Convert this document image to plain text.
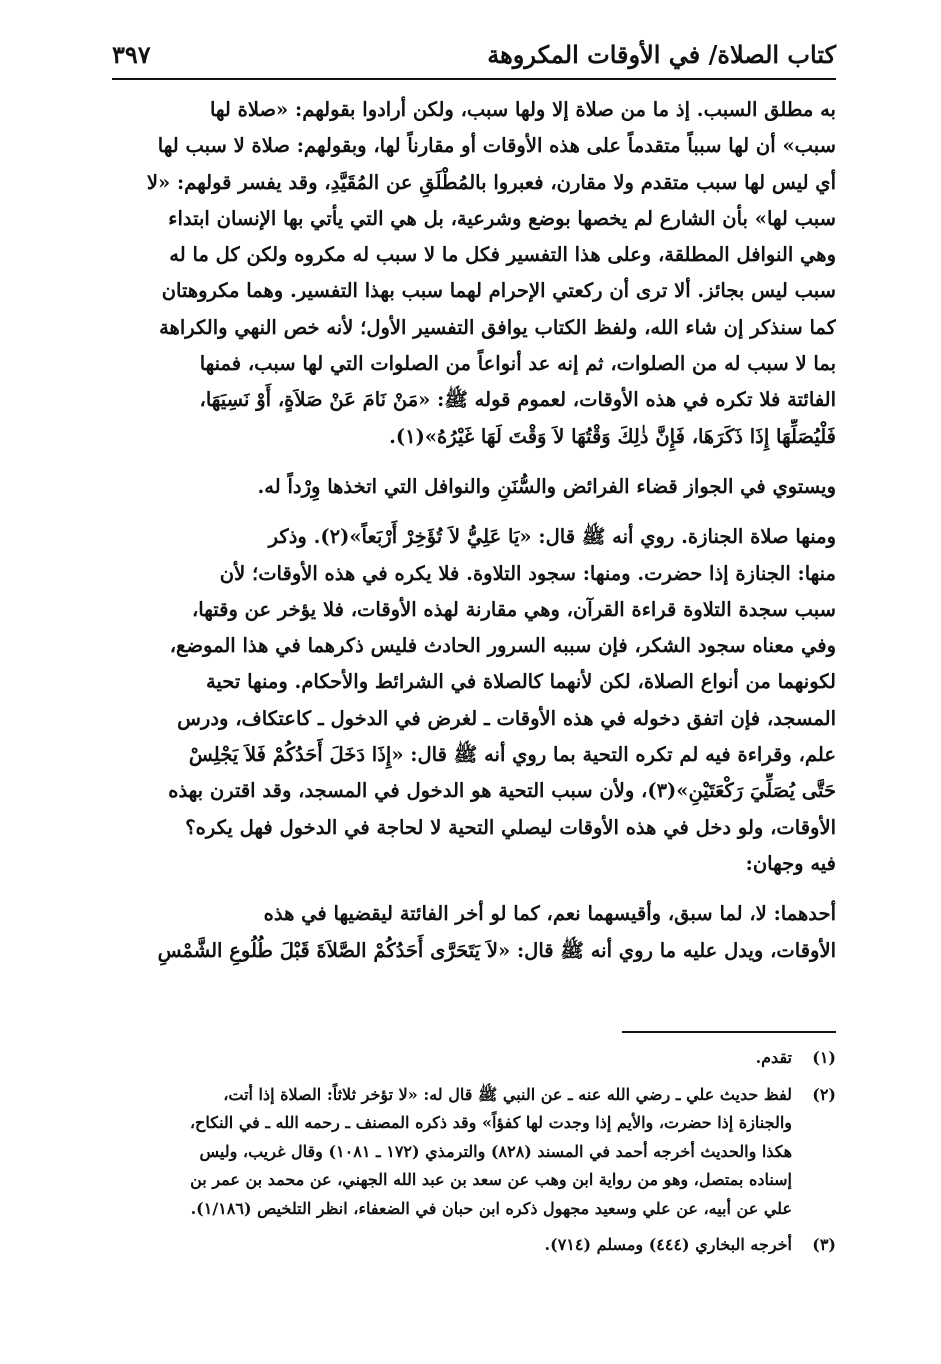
كتاب الصلاة/ في الأوقات المكروهة
٣٩٧
به مطلق السبب. إذ ما من صلاة إلا ولها سبب، ولكن أرادوا بقولهم: «صلاة لها
سبب» أن لها سبباً متقدماً على هذه الأوقات أو مقارناً لها، وبقولهم: صلاة لا سبب لها
أي ليس لها سبب متقدم ولا مقارن، فعبروا بالمُطْلَقِ عن المُقَيَّدِ، وقد يفسر قولهم: «لا
سبب لها» بأن الشارع لم يخصها بوضع وشرعية، بل هي التي يأتي بها الإنسان ابتداء
وهي النوافل المطلقة، وعلى هذا التفسير فكل ما لا سبب له مكروه ولكن كل ما له
سبب ليس بجائز. ألا ترى أن ركعتي الإحرام لهما سبب بهذا التفسير. وهما مكروهتان
كما سنذكر إن شاء الله، ولفظ الكتاب يوافق التفسير الأول؛ لأنه خص النهي والكراهة
بما لا سبب له من الصلوات، ثم إنه عد أنواعاً من الصلوات التي لها سبب، فمنها
الفائتة فلا تكره في هذه الأوقات، لعموم قوله ﷺ: «مَنْ نَامَ عَنْ صَلاَةٍ، أَوْ نَسِيَهَا،
فَلْيُصَلِّهَا إِذَا ذَكَرَهَا، فَإِنَّ ذٰلِكَ وَقْتُهَا لاَ وَقْتَ لَهَا غَيْرُهُ»(١).
ويستوي في الجواز قضاء الفرائض والسُّنَنِ والنوافل التي اتخذها وِرْداً له.
ومنها صلاة الجنازة. روي أنه ﷺ قال: «يَا عَلِيُّ لاَ تُؤَخِرْ أَرْبَعاً»(٢). وذكر
منها: الجنازة إذا حضرت. ومنها: سجود التلاوة. فلا يكره في هذه الأوقات؛ لأن
سبب سجدة التلاوة قراءة القرآن، وهي مقارنة لهذه الأوقات، فلا يؤخر عن وقتها،
وفي معناه سجود الشكر، فإن سببه السرور الحادث فليس ذكرهما في هذا الموضع،
لكونهما من أنواع الصلاة، لكن لأنهما كالصلاة في الشرائط والأحكام. ومنها تحية
المسجد، فإن اتفق دخوله في هذه الأوقات ـ لغرض في الدخول ـ كاعتكاف، ودرس
علم، وقراءة فيه لم تكره التحية بما روي أنه ﷺ قال: «إِذَا دَخَلَ أَحَدُكُمْ فَلاَ يَجْلِسْ
حَتَّى يُصَلِّيَ رَكْعَتَيْنِ»(٣)، ولأن سبب التحية هو الدخول في المسجد، وقد اقترن بهذه
الأوقات، ولو دخل في هذه الأوقات ليصلي التحية لا لحاجة في الدخول فهل يكره؟
فيه وجهان:
أحدهما: لا، لما سبق، وأقيسهما نعم، كما لو أخر الفائتة ليقضيها في هذه
الأوقات، ويدل عليه ما روي أنه ﷺ قال: «لاَ يَتَحَرَّى أَحَدُكُمْ الصَّلاَةَ قَبْلَ طُلُوعِ الشَّمْسِ
(١)
تقدم.
(٢)
لفظ حديث علي ـ رضي الله عنه ـ عن النبي ﷺ قال له: «لا تؤخر ثلاثاً: الصلاة إذا أتت،
والجنازة إذا حضرت، والأيم إذا وجدت لها كفؤاً» وقد ذكره المصنف ـ رحمه الله ـ في النكاح،
هكذا والحديث أخرجه أحمد في المسند (٨٢٨) والترمذي (١٧٢ ـ ١٠٨١) وقال غريب، وليس
إسناده بمتصل، وهو من رواية ابن وهب عن سعد بن عبد الله الجهني، عن محمد بن عمر بن
علي عن أبيه، عن علي وسعيد مجهول ذكره ابن حبان في الضعفاء، انظر التلخيص (١/١٨٦).
(٣)
أخرجه البخاري (٤٤٤) ومسلم (٧١٤).
